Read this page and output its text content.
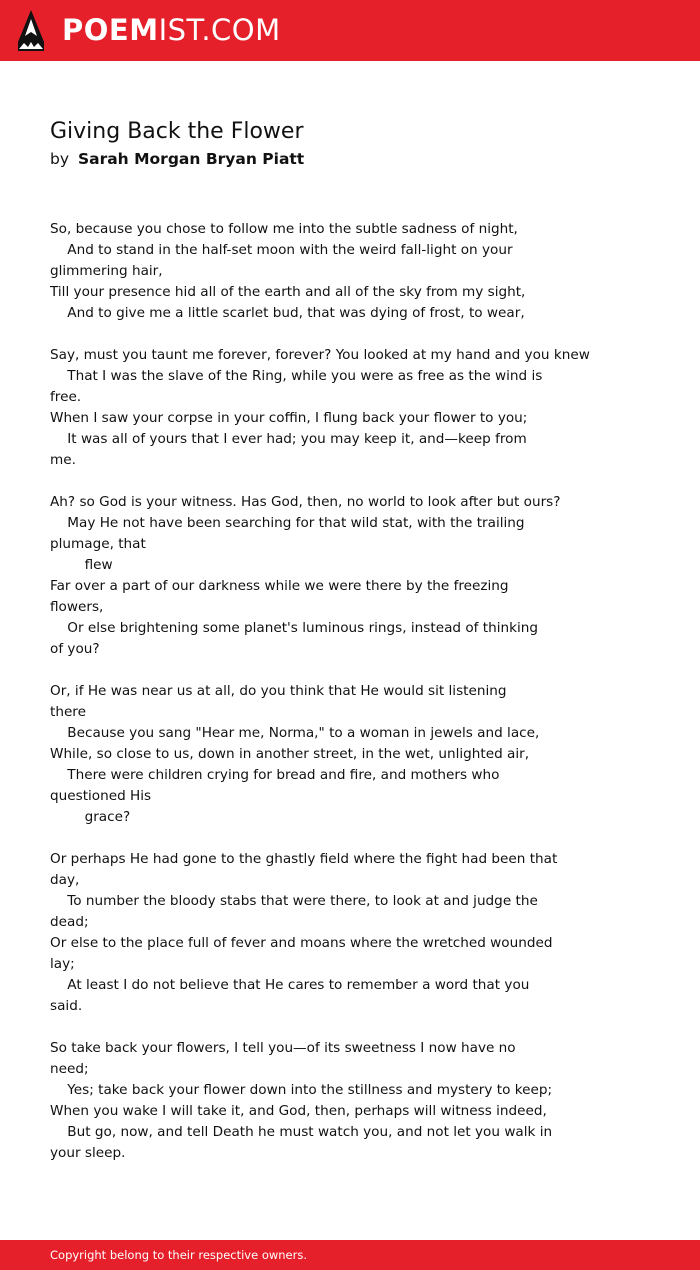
POEMIST.COM
Giving Back the Flower
by Sarah Morgan Bryan Piatt
So, because you chose to follow me into the subtle sadness of night,
And to stand in the half-set moon with the weird fall-light on your
glimmering hair,
Till your presence hid all of the earth and all of the sky from my sight,
And to give me a little scarlet bud, that was dying of frost, to wear,
Say, must you taunt me forever, forever? You looked at my hand and you knew
That I was the slave of the Ring, while you were as free as the wind is
free.
When I saw your corpse in your coffin, I flung back your flower to you;
It was all of yours that I ever had; you may keep it, and—keep from
me.
Ah? so God is your witness. Has God, then, no world to look after but ours?
May He not have been searching for that wild stat, with the trailing
plumage, that
flew
Far over a part of our darkness while we were there by the freezing
flowers,
Or else brightening some planet's luminous rings, instead of thinking
of you?
Or, if He was near us at all, do you think that He would sit listening
there
Because you sang "Hear me, Norma," to a woman in jewels and lace,
While, so close to us, down in another street, in the wet, unlighted air,
There were children crying for bread and fire, and mothers who
questioned His
grace?
Or perhaps He had gone to the ghastly field where the fight had been that
day,
To number the bloody stabs that were there, to look at and judge the
dead;
Or else to the place full of fever and moans where the wretched wounded
lay;
At least I do not believe that He cares to remember a word that you
said.
So take back your flowers, I tell you—of its sweetness I now have no
need;
Yes; take back your flower down into the stillness and mystery to keep;
When you wake I will take it, and God, then, perhaps will witness indeed,
But go, now, and tell Death he must watch you, and not let you walk in
your sleep.
Copyright belong to their respective owners.
